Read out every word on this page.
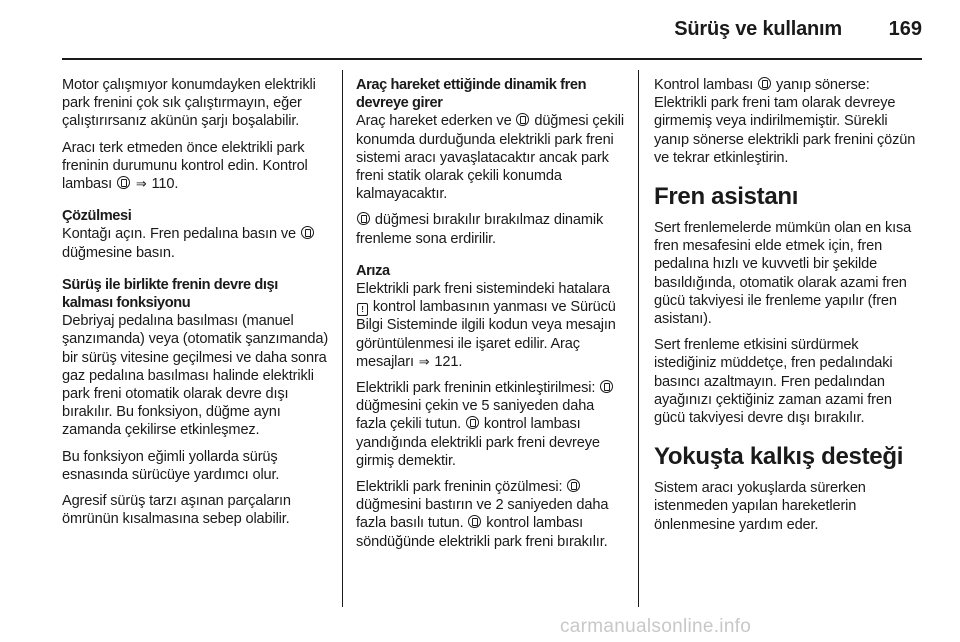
Sürüş ve kullanım 169

Motor çalışmıyor konumdayken elektrikli park frenini çok sık çalıştırmayın, eğer çalıştırırsanız akünün şarjı boşalabilir.

Aracı terk etmeden önce elektrikli park freninin durumunu kontrol edin. Kontrol lambası ⇒ 110.

Çözülmesi

Kontağı açın. Fren pedalına basın ve  düğmesine basın.

Sürüş ile birlikte frenin devre dışı kalması fonksiyonu

Debriyaj pedalına basılması (manuel şanzımanda) veya (otomatik şanzımanda) bir sürüş vitesine geçilmesi ve daha sonra gaz pedalına basılması halinde elektrikli park freni otomatik olarak devre dışı bırakılır. Bu fonksiyon, düğme aynı zamanda çekilirse etkinleşmez.

Bu fonksiyon eğimli yollarda sürüş esnasında sürücüye yardımcı olur.

Agresif sürüş tarzı aşınan parçaların ömrünün kısalmasına sebep olabilir.

Araç hareket ettiğinde dinamik fren devreye girer

Araç hareket ederken ve düğmesi çekili konumda durduğunda elektrikli park freni sistemi aracı yavaşlatacaktır ancak park freni statik olarak çekili konumda kalmayacaktır.

düğmesi bırakılır bırakılmaz dinamik frenleme sona erdirilir.

Arıza

Elektrikli park freni sistemindeki hatalara ! kontrol lambasının yanması ve Sürücü Bilgi Sisteminde ilgili kodun veya mesajın görüntülenmesi ile işaret edilir. Araç mesajları ⇒ 121.

Elektrikli park freninin etkinleştirilmesi:  düğmesini çekin ve 5 saniyeden daha fazla çekili tutun. kontrol lambası yandığında elektrikli park freni devreye girmiş demektir.

Elektrikli park freninin çözülmesi:  düğmesini bastırın ve 2 saniyeden daha fazla basılı tutun. kontrol lambası söndüğünde elektrikli park freni bırakılır.

Kontrol lambası yanıp sönerse: Elektrikli park freni tam olarak devreye girmemiş veya indirilmemiştir. Sürekli yanıp sönerse elektrikli park frenini çözün ve tekrar etkinleştirin.

Fren asistanı

Sert frenlemelerde mümkün olan en kısa fren mesafesini elde etmek için, fren pedalına hızlı ve kuvvetli bir şekilde basıldığında, otomatik olarak azami fren gücü takviyesi ile frenleme yapılır (fren asistanı).

Sert frenleme etkisini sürdürmek istediğiniz müddetçe, fren pedalındaki basıncı azaltmayın. Fren pedalından ayağınızı çektiğiniz zaman azami fren gücü takviyesi devre dışı bırakılır.

Yokuşta kalkış desteği

Sistem aracı yokuşlarda sürerken istenmeden yapılan hareketlerin önlenmesine yardım eder.

carmanualsonline.info
